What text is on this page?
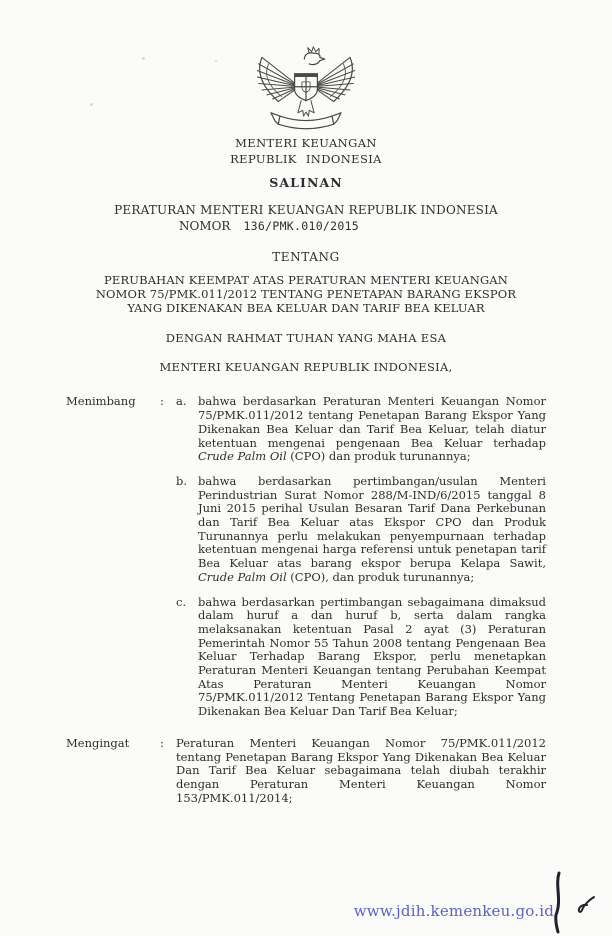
MENTERI KEUANGAN
REPUBLIK INDONESIA
SALINAN
PERATURAN MENTERI KEUANGAN REPUBLIK INDONESIA
NOMOR 136/PMK.010/2015
TENTANG
PERUBAHAN KEEMPAT ATAS PERATURAN MENTERI KEUANGAN
NOMOR 75/PMK.011/2012 TENTANG PENETAPAN BARANG EKSPOR
YANG DIKENAKAN BEA KELUAR DAN TARIF BEA KELUAR
DENGAN RAHMAT TUHAN YANG MAHA ESA
MENTERI KEUANGAN REPUBLIK INDONESIA,
Menimbang	:	a. bahwa berdasarkan Peraturan Menteri Keuangan Nomor 75/PMK.011/2012 tentang Penetapan Barang Ekspor Yang Dikenakan Bea Keluar dan Tarif Bea Keluar, telah diatur ketentuan mengenai pengenaan Bea Keluar terhadap Crude Palm Oil (CPO) dan produk turunannya;
b. bahwa berdasarkan pertimbangan/usulan Menteri Perindustrian Surat Nomor 288/M-IND/6/2015 tanggal 8 Juni 2015 perihal Usulan Besaran Tarif Dana Perkebunan dan Tarif Bea Keluar atas Ekspor CPO dan Produk Turunannya perlu melakukan penyempurnaan terhadap ketentuan mengenai harga referensi untuk penetapan tarif Bea Keluar atas barang ekspor berupa Kelapa Sawit, Crude Palm Oil (CPO), dan produk turunannya;
c.	bahwa berdasarkan pertimbangan sebagaimana dimaksud dalam huruf a dan huruf b, serta dalam rangka melaksanakan ketentuan Pasal 2 ayat (3) Peraturan Pemerintah Nomor 55 Tahun 2008 tentang Pengenaan Bea Keluar Terhadap Barang Ekspor, perlu menetapkan Peraturan Menteri Keuangan tentang Perubahan Keempat Atas Peraturan Menteri Keuangan Nomor 75/PMK.011/2012 Tentang Penetapan Barang Ekspor Yang Dikenakan Bea Keluar Dan Tarif Bea Keluar;
Mengingat	:	Peraturan Menteri Keuangan Nomor 75/PMK.011/2012 tentang Penetapan Barang Ekspor Yang Dikenakan Bea Keluar Dan Tarif Bea Keluar sebagaimana telah diubah terakhir dengan Peraturan Menteri Keuangan Nomor 153/PMK.011/2014;
www.jdih.kemenkeu.go.id
